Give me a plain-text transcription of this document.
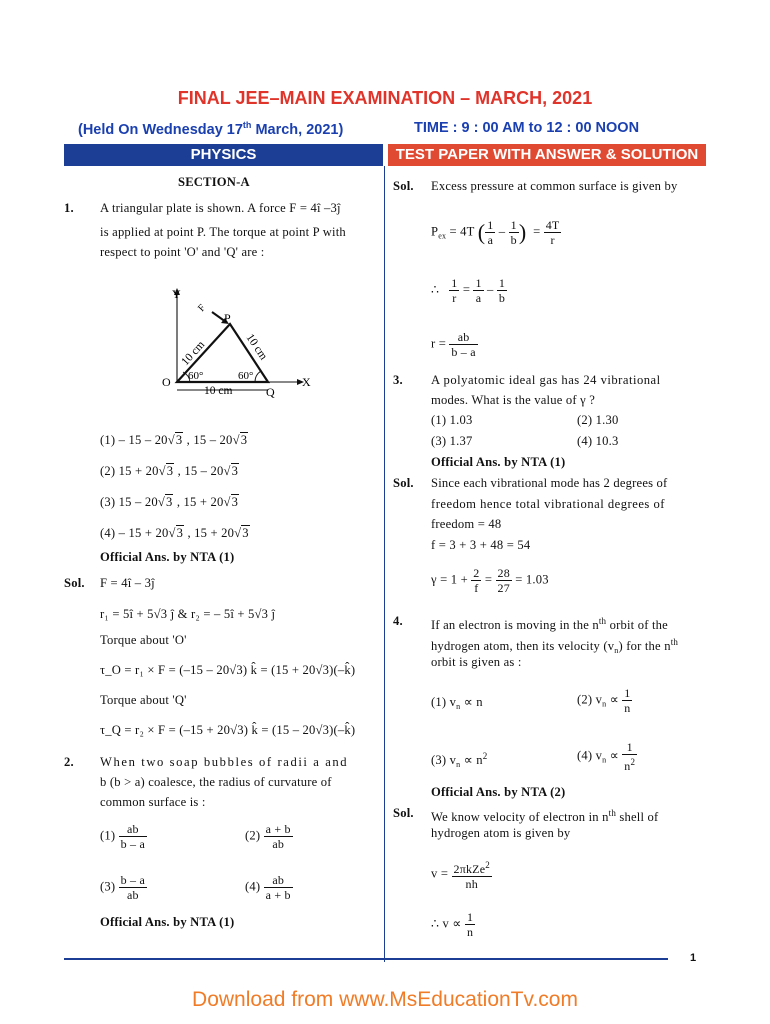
FINAL JEE–MAIN EXAMINATION – MARCH, 2021
(Held On Wednesday 17th March, 2021)	TIME : 9 : 00 AM to 12 : 00 NOON
PHYSICS	TEST PAPER WITH ANSWER & SOLUTION
SECTION-A
1. A triangular plate is shown. A force F = 4î –3ĵ
is applied at point P. The torque at point P with
respect to point 'O' and 'Q' are :
Y
X
O
Q
P
F
10 cm	10 cm
10 cm
60°	60°
(1) – 15 – 20√3 , 15 – 20√3
(2) 15 + 20√3 , 15 – 20√3
(3) 15 – 20√3 , 15 + 20√3
(4) – 15 + 20√3 , 15 + 20√3
Official Ans. by NTA (1)
Sol. F = 4î – 3ĵ
r₁ = 5î + 5√3 ĵ & r₂ = – 5î + 5√3 ĵ
Torque about 'O'
τ_O = r₁ × F = (–15 – 20√3) k̂ = (15 + 20√3)(–k̂)
Torque about 'Q'
τ_Q = r₂ × F = (–15 + 20√3) k̂ = (15 – 20√3)(–k̂)
2. When two soap bubbles of radii a and
b (b > a) coalesce, the radius of curvature of
common surface is :
$(1) \frac{ab}{b - a}$	$(2) \frac{a + b}{ab}$
$(3) \frac{b - a}{ab}$	$(4) \frac{ab}{a + b}$
Official Ans. by NTA (1)
Sol. Excess pressure at common surface is given by
$P_{ex} = 4T$ ( $\frac{1}{a} - \frac{1}{b}$ )  = $\frac{4T}{r}$
∴ $\frac{1}{r} = \frac{1}{a} - \frac{1}{b}$
$r = \frac{ab}{b - a}$
3. A polyatomic ideal gas has 24 vibrational
modes. What is the value of γ ?
(1) 1.03	(2) 1.30
(3) 1.37	(4) 10.3
Official Ans. by NTA (1)
Sol. Since each vibrational mode has 2 degrees of
freedom hence total vibrational degrees of
freedom = 48
f = 3 + 3 + 48 = 54
$\gamma = 1 + \frac{2}{f} = \frac{28}{27} = 1.03$
4. If an electron is moving in the $n^{th}$ orbit of the
hydrogen atom, then its velocity $(v_n)$ for the $n^{th}$
orbit is given as :
(1) $v_n \propto n$	(2) $v_n \propto \frac{1}{n}$
(3) $v_n \propto n^2$	(4) $v_n \propto \frac{1}{n^2}$
Official Ans. by NTA (2)
Sol. We know velocity of electron in $n^{th}$ shell of
hydrogen atom is given by
$v = \frac{2\pi kZe^2}{nh}$
∴ $v \propto \frac{1}{n}$
1
Download from www.MsEducationTv.com
